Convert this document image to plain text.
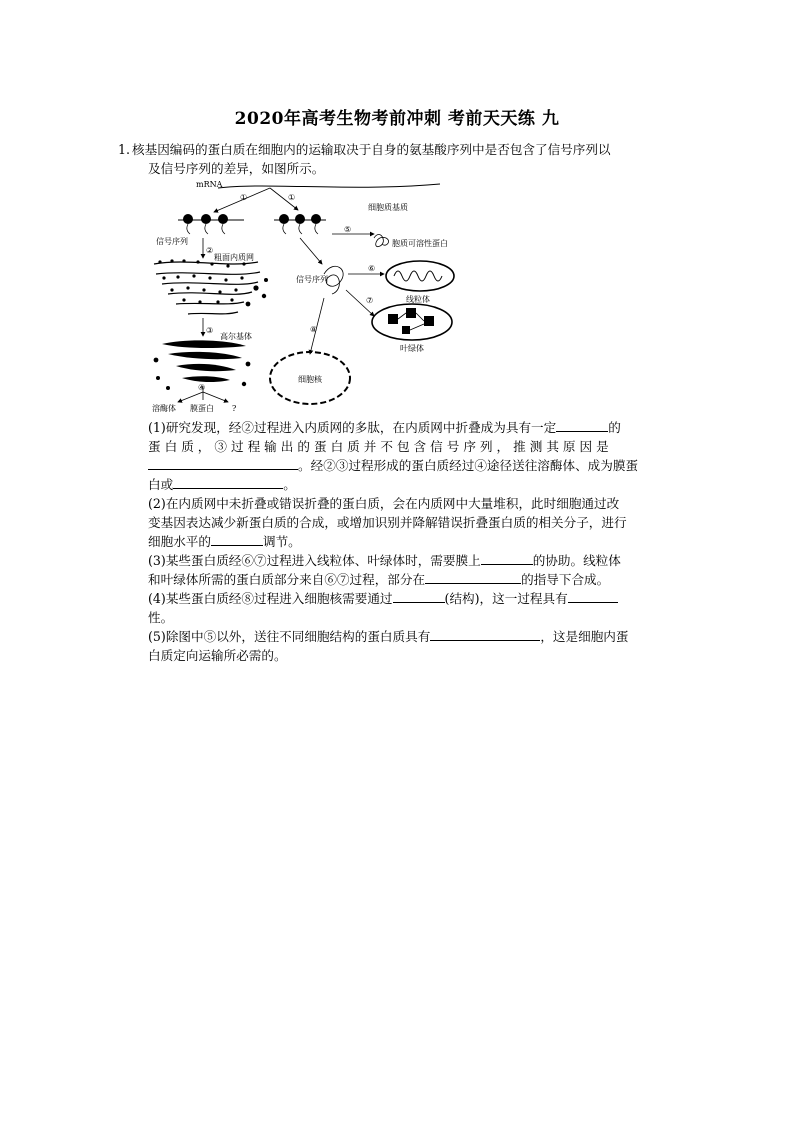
2020年高考生物考前冲刺 考前天天练 九
1. 核基因编码的蛋白质在细胞内的运输取决于自身的氨基酸序列中是否包含了信号序列以
及信号序列的差异，如图所示。
mRNA
①	①
信号序列
②
粗面内质网
③
高尔基体
④
溶酶体 膜蛋白 ?
细胞质基质
⑤
胞质可溶性蛋白
信号序列
⑥
线粒体
⑦
叶绿体
⑧
细胞核
(1)研究发现，经②过程进入内质网的多肽，在内质网中折叠成为具有一定	的
蛋 白 质 ， ③ 过 程 输 出 的 蛋 白 质 并 不 包 含 信 号 序 列 ， 推 测 其 原 因 是
。经②③过程形成的蛋白质经过④途径送往溶酶体、成为膜蛋
白或	。
(2)在内质网中未折叠或错误折叠的蛋白质，会在内质网中大量堆积，此时细胞通过改
变基因表达减少新蛋白质的合成，或增加识别并降解错误折叠蛋白质的相关分子，进行
细胞水平的	调节。
(3)某些蛋白质经⑥⑦过程进入线粒体、叶绿体时，需要膜上	的协助。线粒体
和叶绿体所需的蛋白质部分来自⑥⑦过程，部分在	的指导下合成。
(4)某些蛋白质经⑧过程进入细胞核需要通过	(结构)，这一过程具有
性。
(5)除图中⑤以外，送往不同细胞结构的蛋白质具有	，这是细胞内蛋
白质定向运输所必需的。
